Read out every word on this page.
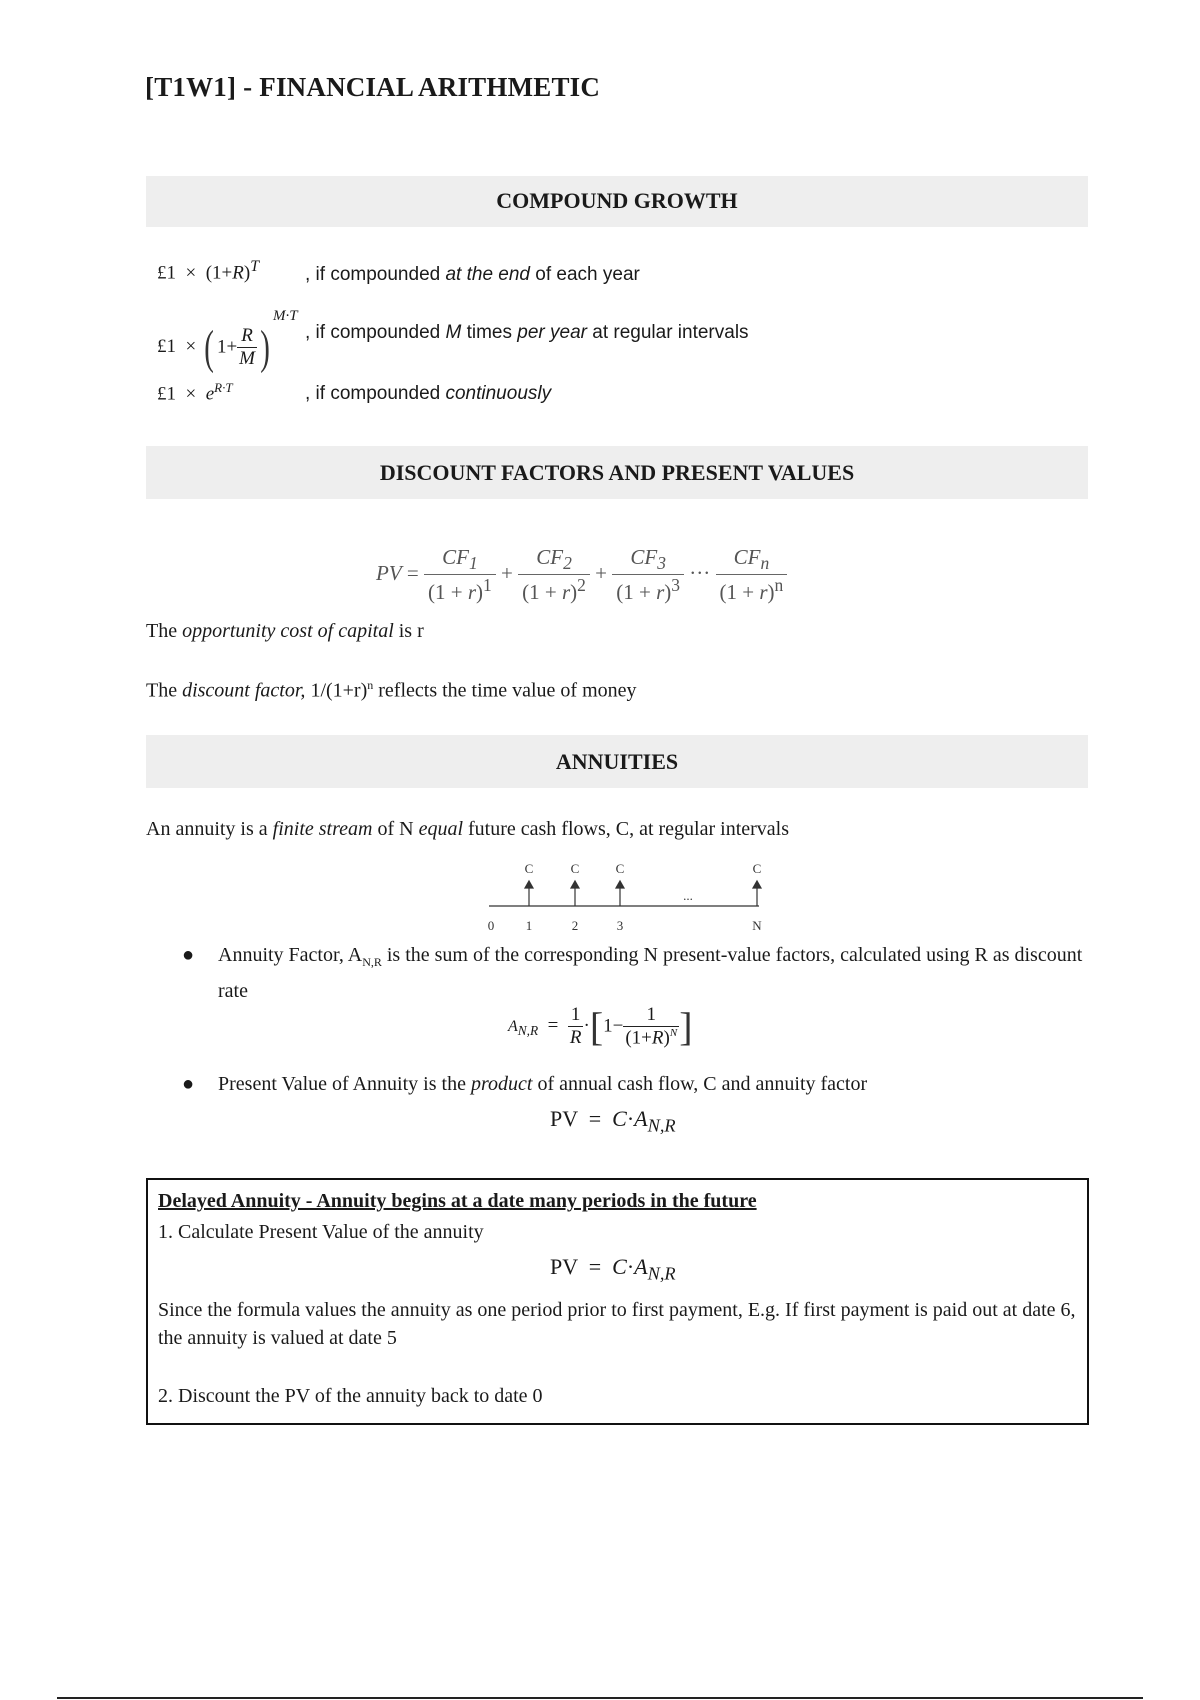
[T1W1] - FINANCIAL ARITHMETIC
COMPOUND GROWTH
£1  ×  $(1+R)^T$ , if compounded at the end of each year
£1  × ( $1+ \frac{R}{M} )^{M\cdot T}$
, if compounded M times per year at regular intervals
£1  ×  $e^{R\cdot T}$	, if compounded continuously
DISCOUNT FACTORS AND PRESENT VALUES
PV = $\frac{CF_1}{(1 + r)^1} + \frac{CF_2}{(1 + r)^2} + \frac{CF_3}{(1 + r)^3}$ ··· $\frac{CF_n}{(1 + r)^n}$
The opportunity cost of capital is r
The discount factor, $1/(1+r)^n$ reflects the time value of money
ANNUITIES
An annuity is a finite stream of N equal future cash flows, C, at regular intervals
C	C	C	C
0 1	2	3	N
...
● Annuity Factor, $A_{N,R}$ is the sum of the corresponding N present-value factors, calculated using R as discount rate
$A_{N,R} = \frac{1}{R} \cdot[1- \frac{1}{(1+R)^N}$ ]
● Present Value of Annuity is the product of annual cash flow, C and annuity factor
PV  =  $C\cdot A_{N,R}$
Delayed Annuity - Annuity begins at a date many periods in the future
1. Calculate Present Value of the annuity
PV  =  $C\cdot A_{N,R}$
Since the formula values the annuity as one period prior to first payment, E.g. If first payment is paid out at date 6, the annuity is valued at date 5
2. Discount the PV of the annuity back to date 0
